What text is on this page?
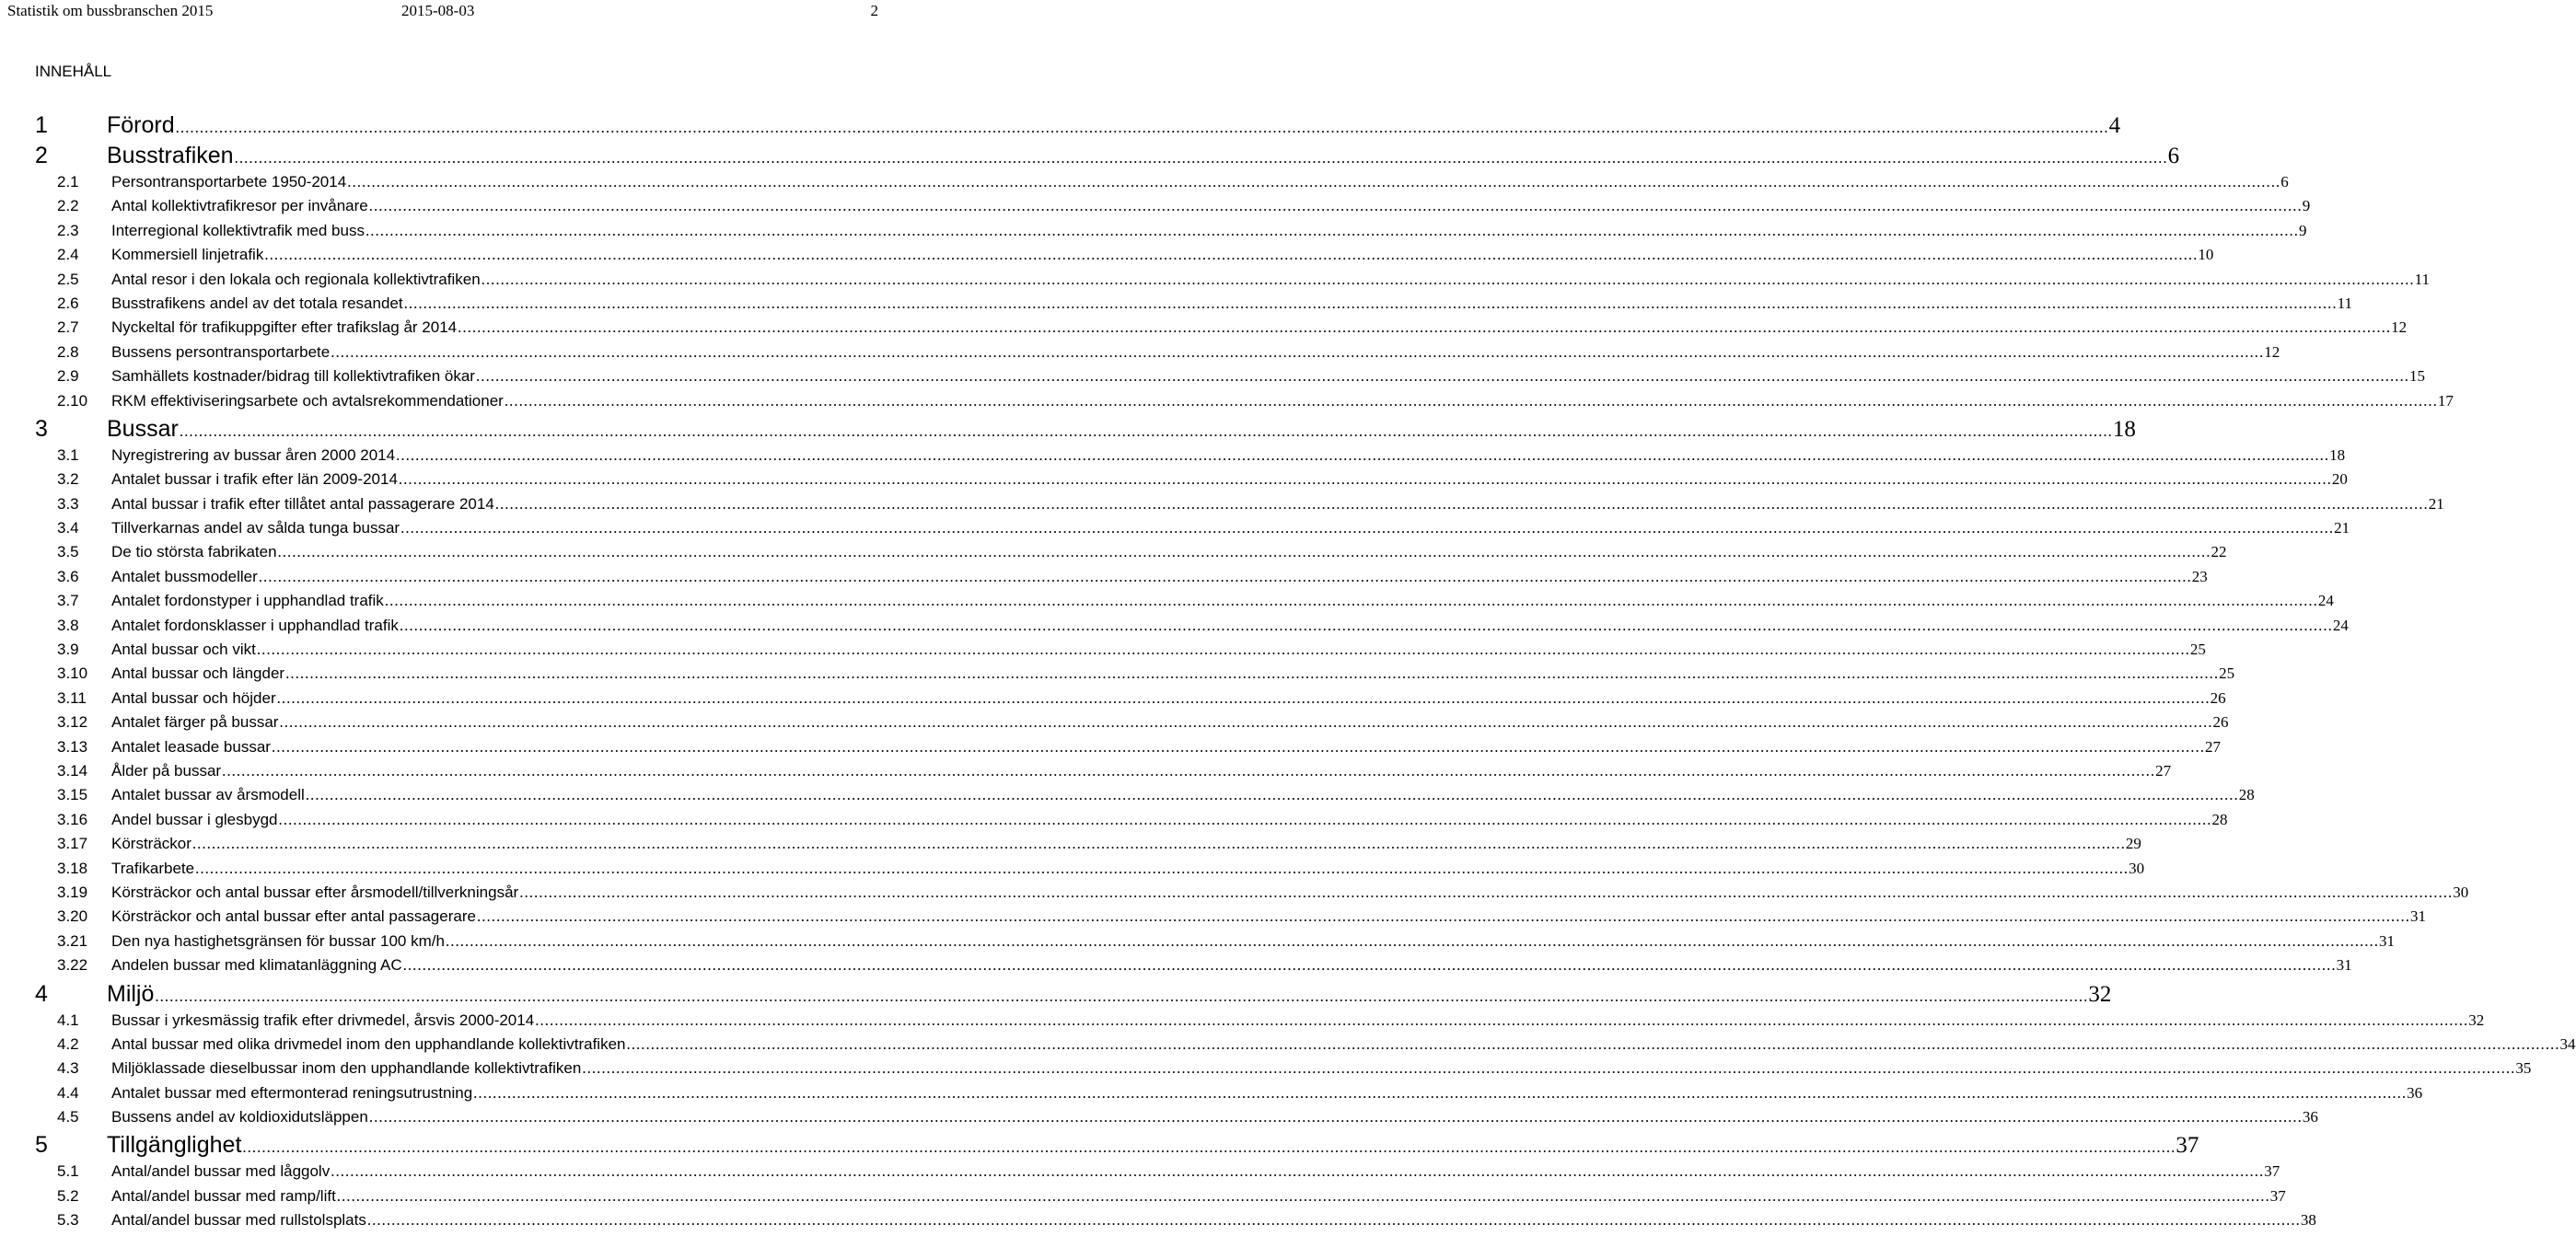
Statistik om bussbranschen 2015	2015-08-03	2
INNEHÅLL
1	Förord ................................................................................................................................................................................................................................................................................................................................................................................................................ 4
2	Busstrafiken ................................................................................................................................................................................................................................................................................................................................................................................................................ 6
2.1	Persontransportarbete 1950-2014 ................................................................................................................................................................................................................................................................................................................................................................................................................ 6
2.2	Antal kollektivtrafikresor per invånare ................................................................................................................................................................................................................................................................................................................................................................................................................ 9
2.3	Interregional kollektivtrafik med buss ................................................................................................................................................................................................................................................................................................................................................................................................................ 9
2.4	Kommersiell linjetrafik ................................................................................................................................................................................................................................................................................................................................................................................................................ 10
2.5	Antal resor i den lokala och regionala kollektivtrafiken ................................................................................................................................................................................................................................................................................................................................................................................................................ 11
2.6	Busstrafikens andel av det totala resandet ................................................................................................................................................................................................................................................................................................................................................................................................................ 11
2.7	Nyckeltal för trafikuppgifter efter trafikslag år 2014 ................................................................................................................................................................................................................................................................................................................................................................................................................ 12
2.8	Bussens persontransportarbete ................................................................................................................................................................................................................................................................................................................................................................................................................ 12
2.9	Samhällets kostnader/bidrag till kollektivtrafiken ökar ................................................................................................................................................................................................................................................................................................................................................................................................................ 15
2.10	RKM effektiviseringsarbete och avtalsrekommendationer ................................................................................................................................................................................................................................................................................................................................................................................................................ 17
3	Bussar ................................................................................................................................................................................................................................................................................................................................................................................................................ 18
3.1	Nyregistrering av bussar åren 2000 2014 ................................................................................................................................................................................................................................................................................................................................................................................................................ 18
3.2	Antalet bussar i trafik efter län 2009-2014 ................................................................................................................................................................................................................................................................................................................................................................................................................ 20
3.3	Antal bussar i trafik efter tillåtet antal passagerare 2014 ................................................................................................................................................................................................................................................................................................................................................................................................................ 21
3.4	Tillverkarnas andel av sålda tunga bussar ................................................................................................................................................................................................................................................................................................................................................................................................................ 21
3.5	De tio största fabrikaten ................................................................................................................................................................................................................................................................................................................................................................................................................ 22
3.6	Antalet bussmodeller ................................................................................................................................................................................................................................................................................................................................................................................................................ 23
3.7	Antalet fordonstyper i upphandlad trafik ................................................................................................................................................................................................................................................................................................................................................................................................................ 24
3.8	Antalet fordonsklasser i upphandlad trafik ................................................................................................................................................................................................................................................................................................................................................................................................................ 24
3.9	Antal bussar och vikt ................................................................................................................................................................................................................................................................................................................................................................................................................ 25
3.10	Antal bussar och längder ................................................................................................................................................................................................................................................................................................................................................................................................................ 25
3.11	Antal bussar och höjder ................................................................................................................................................................................................................................................................................................................................................................................................................ 26
3.12	Antalet färger på bussar ................................................................................................................................................................................................................................................................................................................................................................................................................ 26
3.13	Antalet leasade bussar ................................................................................................................................................................................................................................................................................................................................................................................................................ 27
3.14	Ålder på bussar ................................................................................................................................................................................................................................................................................................................................................................................................................ 27
3.15	Antalet bussar av årsmodell ................................................................................................................................................................................................................................................................................................................................................................................................................ 28
3.16	Andel bussar i glesbygd ................................................................................................................................................................................................................................................................................................................................................................................................................ 28
3.17	Körsträckor ................................................................................................................................................................................................................................................................................................................................................................................................................ 29
3.18	Trafikarbete ................................................................................................................................................................................................................................................................................................................................................................................................................ 30
3.19	Körsträckor och antal bussar efter årsmodell/tillverkningsår ................................................................................................................................................................................................................................................................................................................................................................................................................ 30
3.20	Körsträckor och antal bussar efter antal passagerare ................................................................................................................................................................................................................................................................................................................................................................................................................ 31
3.21	Den nya hastighetsgränsen för bussar 100 km/h ................................................................................................................................................................................................................................................................................................................................................................................................................ 31
3.22	Andelen bussar med klimatanläggning AC ................................................................................................................................................................................................................................................................................................................................................................................................................ 31
4	Miljö ................................................................................................................................................................................................................................................................................................................................................................................................................ 32
4.1	Bussar i yrkesmässig trafik efter drivmedel, årsvis 2000-2014 ................................................................................................................................................................................................................................................................................................................................................................................................................ 32
4.2	Antal bussar med olika drivmedel inom den upphandlande kollektivtrafiken ................................................................................................................................................................................................................................................................................................................................................................................................................ 34
4.3	Miljöklassade dieselbussar inom den upphandlande kollektivtrafiken ................................................................................................................................................................................................................................................................................................................................................................................................................ 35
4.4	Antalet bussar med eftermonterad reningsutrustning ................................................................................................................................................................................................................................................................................................................................................................................................................ 36
4.5	Bussens andel av koldioxidutsläppen ................................................................................................................................................................................................................................................................................................................................................................................................................ 36
5	Tillgänglighet ................................................................................................................................................................................................................................................................................................................................................................................................................ 37
5.1	Antal/andel bussar med låggolv ................................................................................................................................................................................................................................................................................................................................................................................................................ 37
5.2	Antal/andel bussar med ramp/lift ................................................................................................................................................................................................................................................................................................................................................................................................................ 37
5.3	Antal/andel bussar med rullstolsplats ................................................................................................................................................................................................................................................................................................................................................................................................................ 38
